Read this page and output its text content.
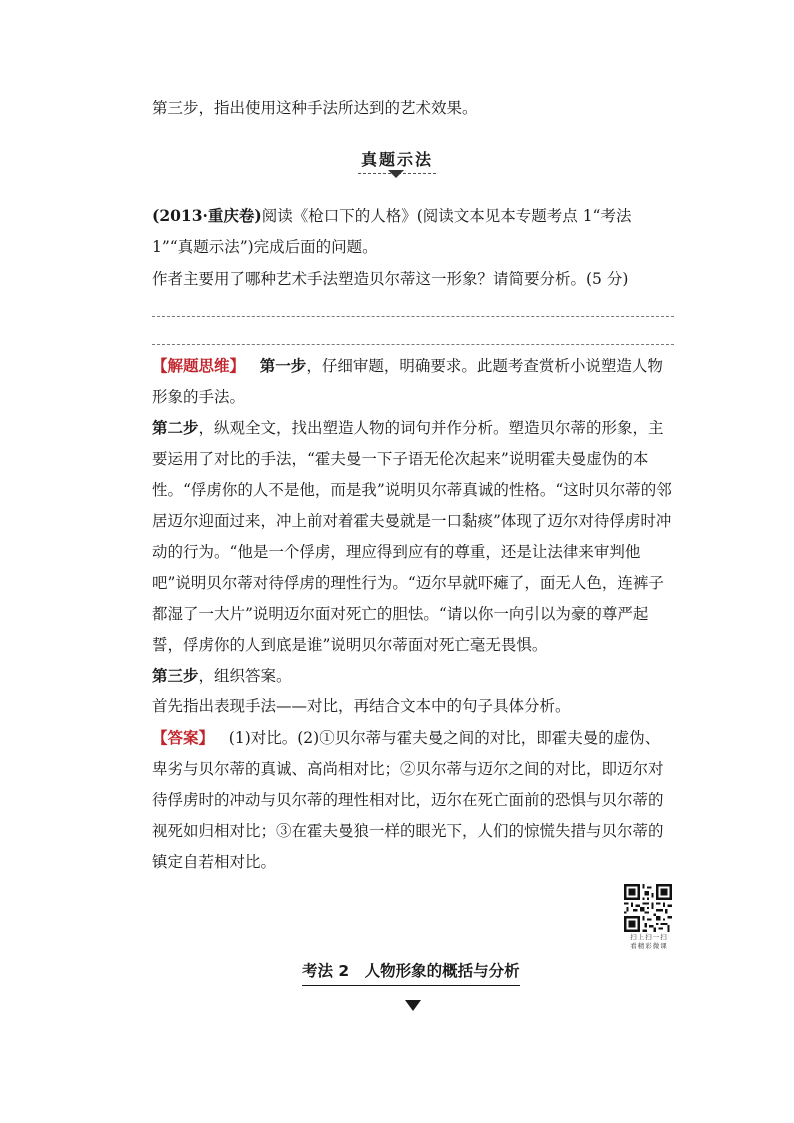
第三步，指出使用这种手法所达到的艺术效果。

真题示法

(2013·重庆卷)阅读《枪口下的人格》(阅读文本见本专题考点 1“考法 1”“真题示法”)完成后面的问题。

作者主要用了哪种艺术手法塑造贝尔蒂这一形象？请简要分析。(5 分)

【解题思维】 第一步，仔细审题，明确要求。此题考查赏析小说塑造人物形象的手法。

第二步，纵观全文，找出塑造人物的词句并作分析。塑造贝尔蒂的形象，主要运用了对比的手法，“霍夫曼一下子语无伦次起来”说明霍夫曼虚伪的本性。“俘虏你的人不是他，而是我”说明贝尔蒂真诚的性格。“这时贝尔蒂的邻居迈尔迎面过来，冲上前对着霍夫曼就是一口黏痰”体现了迈尔对待俘虏时冲动的行为。“他是一个俘虏，理应得到应有的尊重，还是让法律来审判他吧”说明贝尔蒂对待俘虏的理性行为。“迈尔早就吓瘫了，面无人色，连裤子都湿了一大片”说明迈尔面对死亡的胆怯。“请以你一向引以为豪的尊严起誓，俘虏你的人到底是谁”说明贝尔蒂面对死亡毫无畏惧。

第三步，组织答案。

首先指出表现手法——对比，再结合文本中的句子具体分析。

【答案】 (1)对比。(2)①贝尔蒂与霍夫曼之间的对比，即霍夫曼的虚伪、卑劣与贝尔蒂的真诚、高尚相对比；②贝尔蒂与迈尔之间的对比，即迈尔对待俘虏时的冲动与贝尔蒂的理性相对比，迈尔在死亡面前的恐惧与贝尔蒂的视死如归相对比；③在霍夫曼狼一样的眼光下，人们的惊慌失措与贝尔蒂的镇定自若相对比。

扫上扫一扫
看精彩微课
考法 2　人物形象的概括与分析
